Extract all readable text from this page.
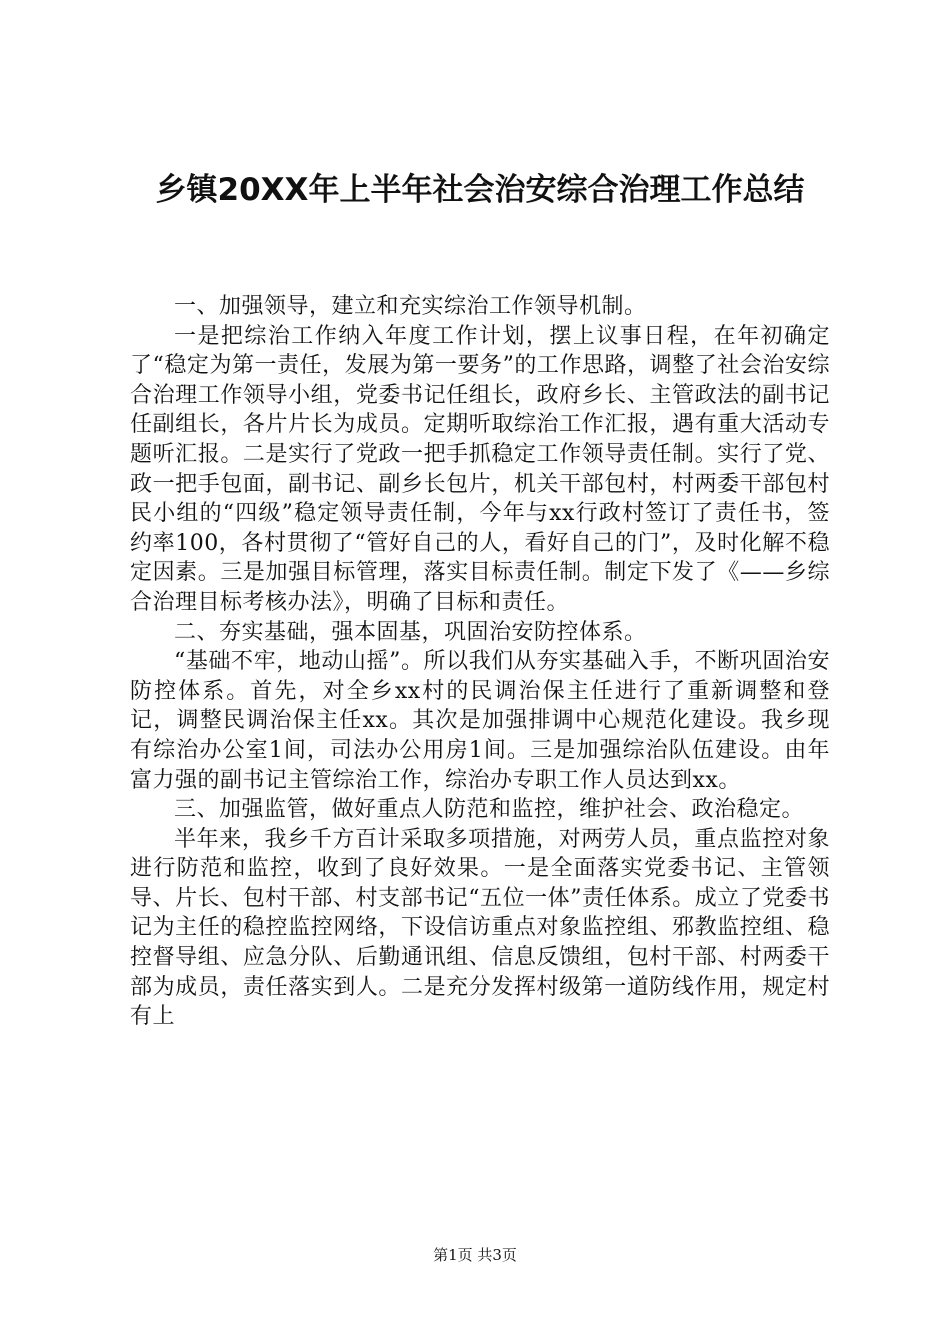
乡镇20XX年上半年社会治安综合治理工作总结

一、加强领导，建立和充实综治工作领导机制。

一是把综治工作纳入年度工作计划，摆上议事日程，在年初确定了“稳定为第一责任，发展为第一要务”的工作思路，调整了社会治安综合治理工作领导小组，党委书记任组长，政府乡长、主管政法的副书记任副组长，各片片长为成员。定期听取综治工作汇报，遇有重大活动专题听汇报。二是实行了党政一把手抓稳定工作领导责任制。实行了党、政一把手包面，副书记、副乡长包片，机关干部包村，村两委干部包村民小组的“四级”稳定领导责任制，今年与xx行政村签订了责任书，签约率100，各村贯彻了“管好自己的人，看好自己的门”，及时化解不稳定因素。三是加强目标管理，落实目标责任制。制定下发了《——乡综合治理目标考核办法》，明确了目标和责任。

二、夯实基础，强本固基，巩固治安防控体系。

“基础不牢，地动山摇”。所以我们从夯实基础入手，不断巩固治安防控体系。首先，对全乡xx村的民调治保主任进行了重新调整和登记，调整民调治保主任xx。其次是加强排调中心规范化建设。我乡现有综治办公室1间，司法办公用房1间。三是加强综治队伍建设。由年富力强的副书记主管综治工作，综治办专职工作人员达到xx。

三、加强监管，做好重点人防范和监控，维护社会、政治稳定。

半年来，我乡千方百计采取多项措施，对两劳人员，重点监控对象进行防范和监控，收到了良好效果。一是全面落实党委书记、主管领导、片长、包村干部、村支部书记“五位一体”责任体系。成立了党委书记为主任的稳控监控网络，下设信访重点对象监控组、邪教监控组、稳控督导组、应急分队、后勤通讯组、信息反馈组，包村干部、村两委干部为成员，责任落实到人。二是充分发挥村级第一道防线作用，规定村有上

第1页 共3页
